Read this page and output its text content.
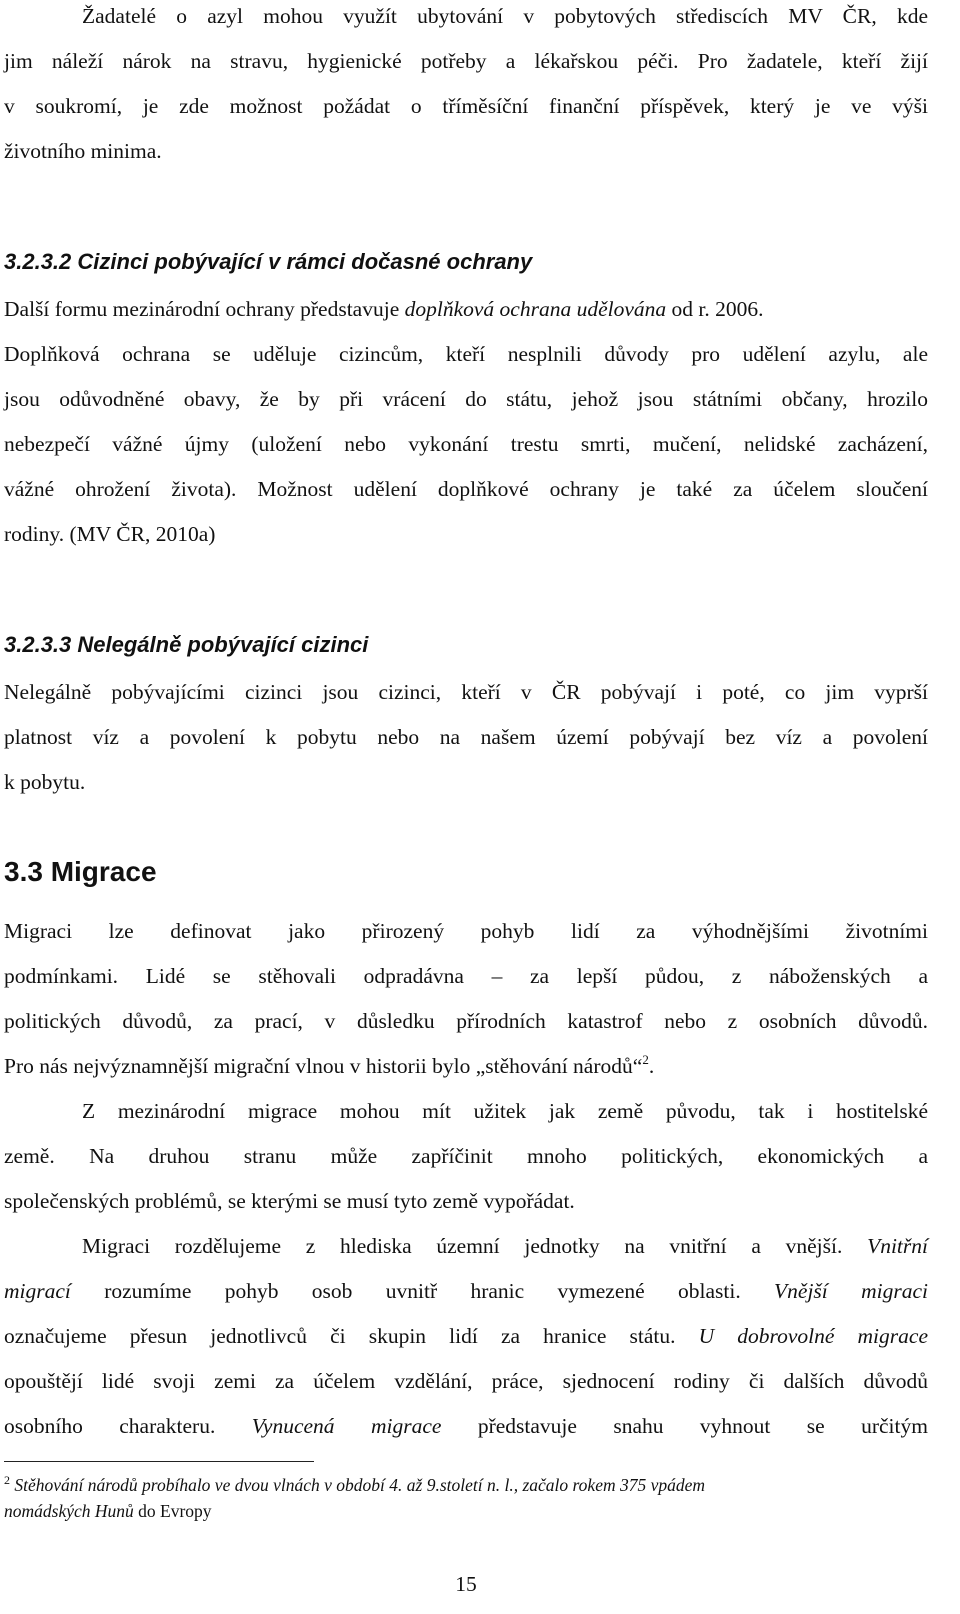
Žadatelé o azyl mohou využít ubytování v pobytových střediscích MV ČR, kde
jim náleží nárok na stravu, hygienické potřeby a lékařskou péči. Pro žadatele, kteří žijí
v soukromí, je zde možnost požádat o tříměsíční finanční příspěvek, který je ve výši
životního minima.
3.2.3.2 Cizinci pobývající v rámci dočasné ochrany
Další formu mezinárodní ochrany představuje doplňková ochrana udělována od r. 2006.
Doplňková ochrana se uděluje cizincům, kteří nesplnili důvody pro udělení azylu, ale
jsou odůvodněné obavy, že by při vrácení do státu, jehož jsou státními občany, hrozilo
nebezpečí vážné újmy (uložení nebo vykonání trestu smrti, mučení, nelidské zacházení,
vážné ohrožení života). Možnost udělení doplňkové ochrany je také za účelem sloučení
rodiny. (MV ČR, 2010a)
3.2.3.3 Nelegálně pobývající cizinci
Nelegálně pobývajícími cizinci jsou cizinci, kteří v ČR pobývají i poté, co jim vyprší
platnost víz a povolení k pobytu nebo na našem území pobývají bez víz a povolení
k pobytu.
3.3 Migrace
Migraci lze definovat jako přirozený pohyb lidí za výhodnějšími životními
podmínkami. Lidé se stěhovali odpradávna – za lepší půdou, z náboženských a
politických důvodů, za prací, v důsledku přírodních katastrof nebo z osobních důvodů.
Pro nás nejvýznamnější migrační vlnou v historii bylo „stěhování národů“$^2$.
Z mezinárodní migrace mohou mít užitek jak země původu, tak i hostitelské
země. Na druhou stranu může zapříčinit mnoho politických, ekonomických a
společenských problémů, se kterými se musí tyto země vypořádat.
Migraci rozdělujeme z hlediska územní jednotky na vnitřní a vnější. Vnitřní
migrací rozumíme pohyb osob uvnitř hranic vymezené oblasti. Vnější migraci
označujeme přesun jednotlivců či skupin lidí za hranice státu. U dobrovolné migrace
opouštějí lidé svoji zemi za účelem vzdělání, práce, sjednocení rodiny či dalších důvodů
osobního charakteru. Vynucená migrace představuje snahu vyhnout se určitým
$^2$ Stěhování národů probíhalo ve dvou vlnách v období 4. až 9.století n. l., začalo rokem 375 vpádem
nomádských Hunů do Evropy
15
